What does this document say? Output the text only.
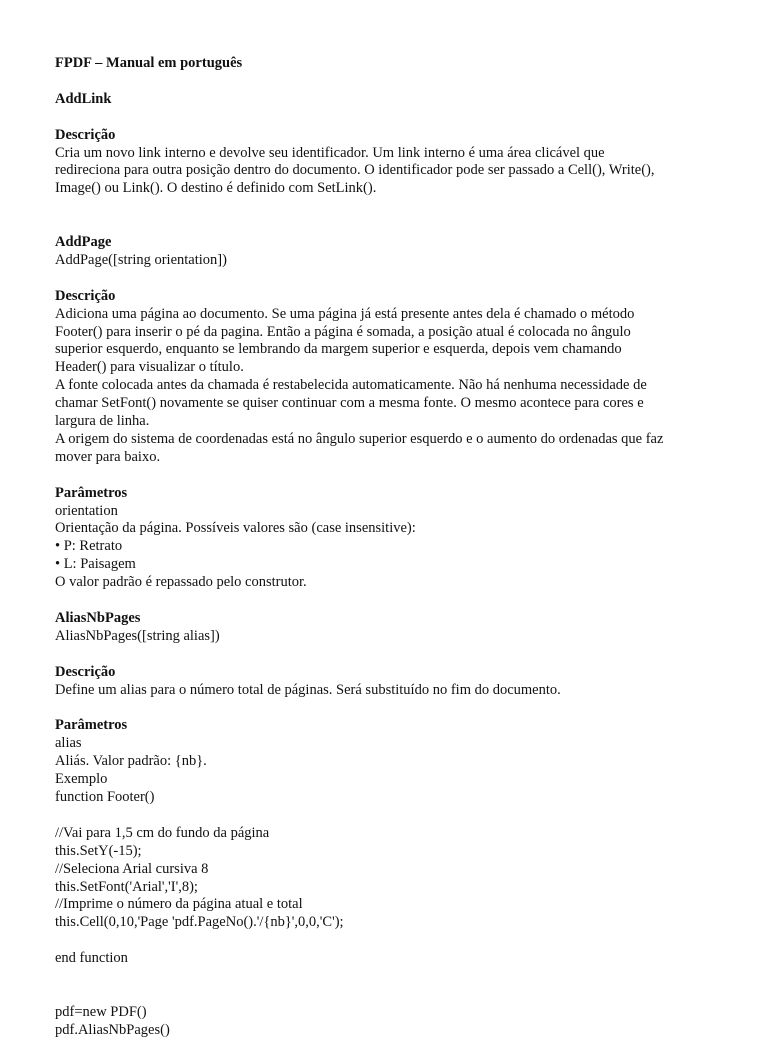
FPDF – Manual em português
AddLink
Descrição
Cria um novo link interno e devolve seu identificador. Um link interno é uma área clicável que
redireciona para outra posição dentro do documento. O identificador pode ser passado a Cell(), Write(),
Image() ou Link(). O destino é definido com SetLink().
AddPage
AddPage([string orientation])
Descrição
Adiciona uma página ao documento. Se uma página já está presente antes dela é chamado o método
Footer() para inserir o pé da pagina. Então a página é somada, a posição atual é colocada no ângulo
superior esquerdo, enquanto se lembrando da margem superior e esquerda, depois vem chamando
Header() para visualizar o título.
A fonte colocada antes da chamada é restabelecida automaticamente. Não há nenhuma necessidade de
chamar SetFont() novamente se quiser continuar com a mesma fonte. O mesmo acontece para cores e
largura de linha.
A origem do sistema de coordenadas está no ângulo superior esquerdo e o aumento do ordenadas que faz
mover para baixo.
Parâmetros
orientation
Orientação da página. Possíveis valores são (case insensitive):
• P: Retrato
• L: Paisagem
O valor padrão é repassado pelo construtor.
AliasNbPages
AliasNbPages([string alias])
Descrição
Define um alias para o número total de páginas. Será substituído no fim do documento.
Parâmetros
alias
Aliás. Valor padrão: {nb}.
Exemplo
function Footer()
//Vai para 1,5 cm do fundo da página
this.SetY(-15);
//Seleciona Arial cursiva 8
this.SetFont('Arial','I',8);
//Imprime o número da página atual e total
this.Cell(0,10,'Page 'pdf.PageNo().'/{nb}',0,0,'C');
end function
pdf=new PDF()
pdf.AliasNbPages()
